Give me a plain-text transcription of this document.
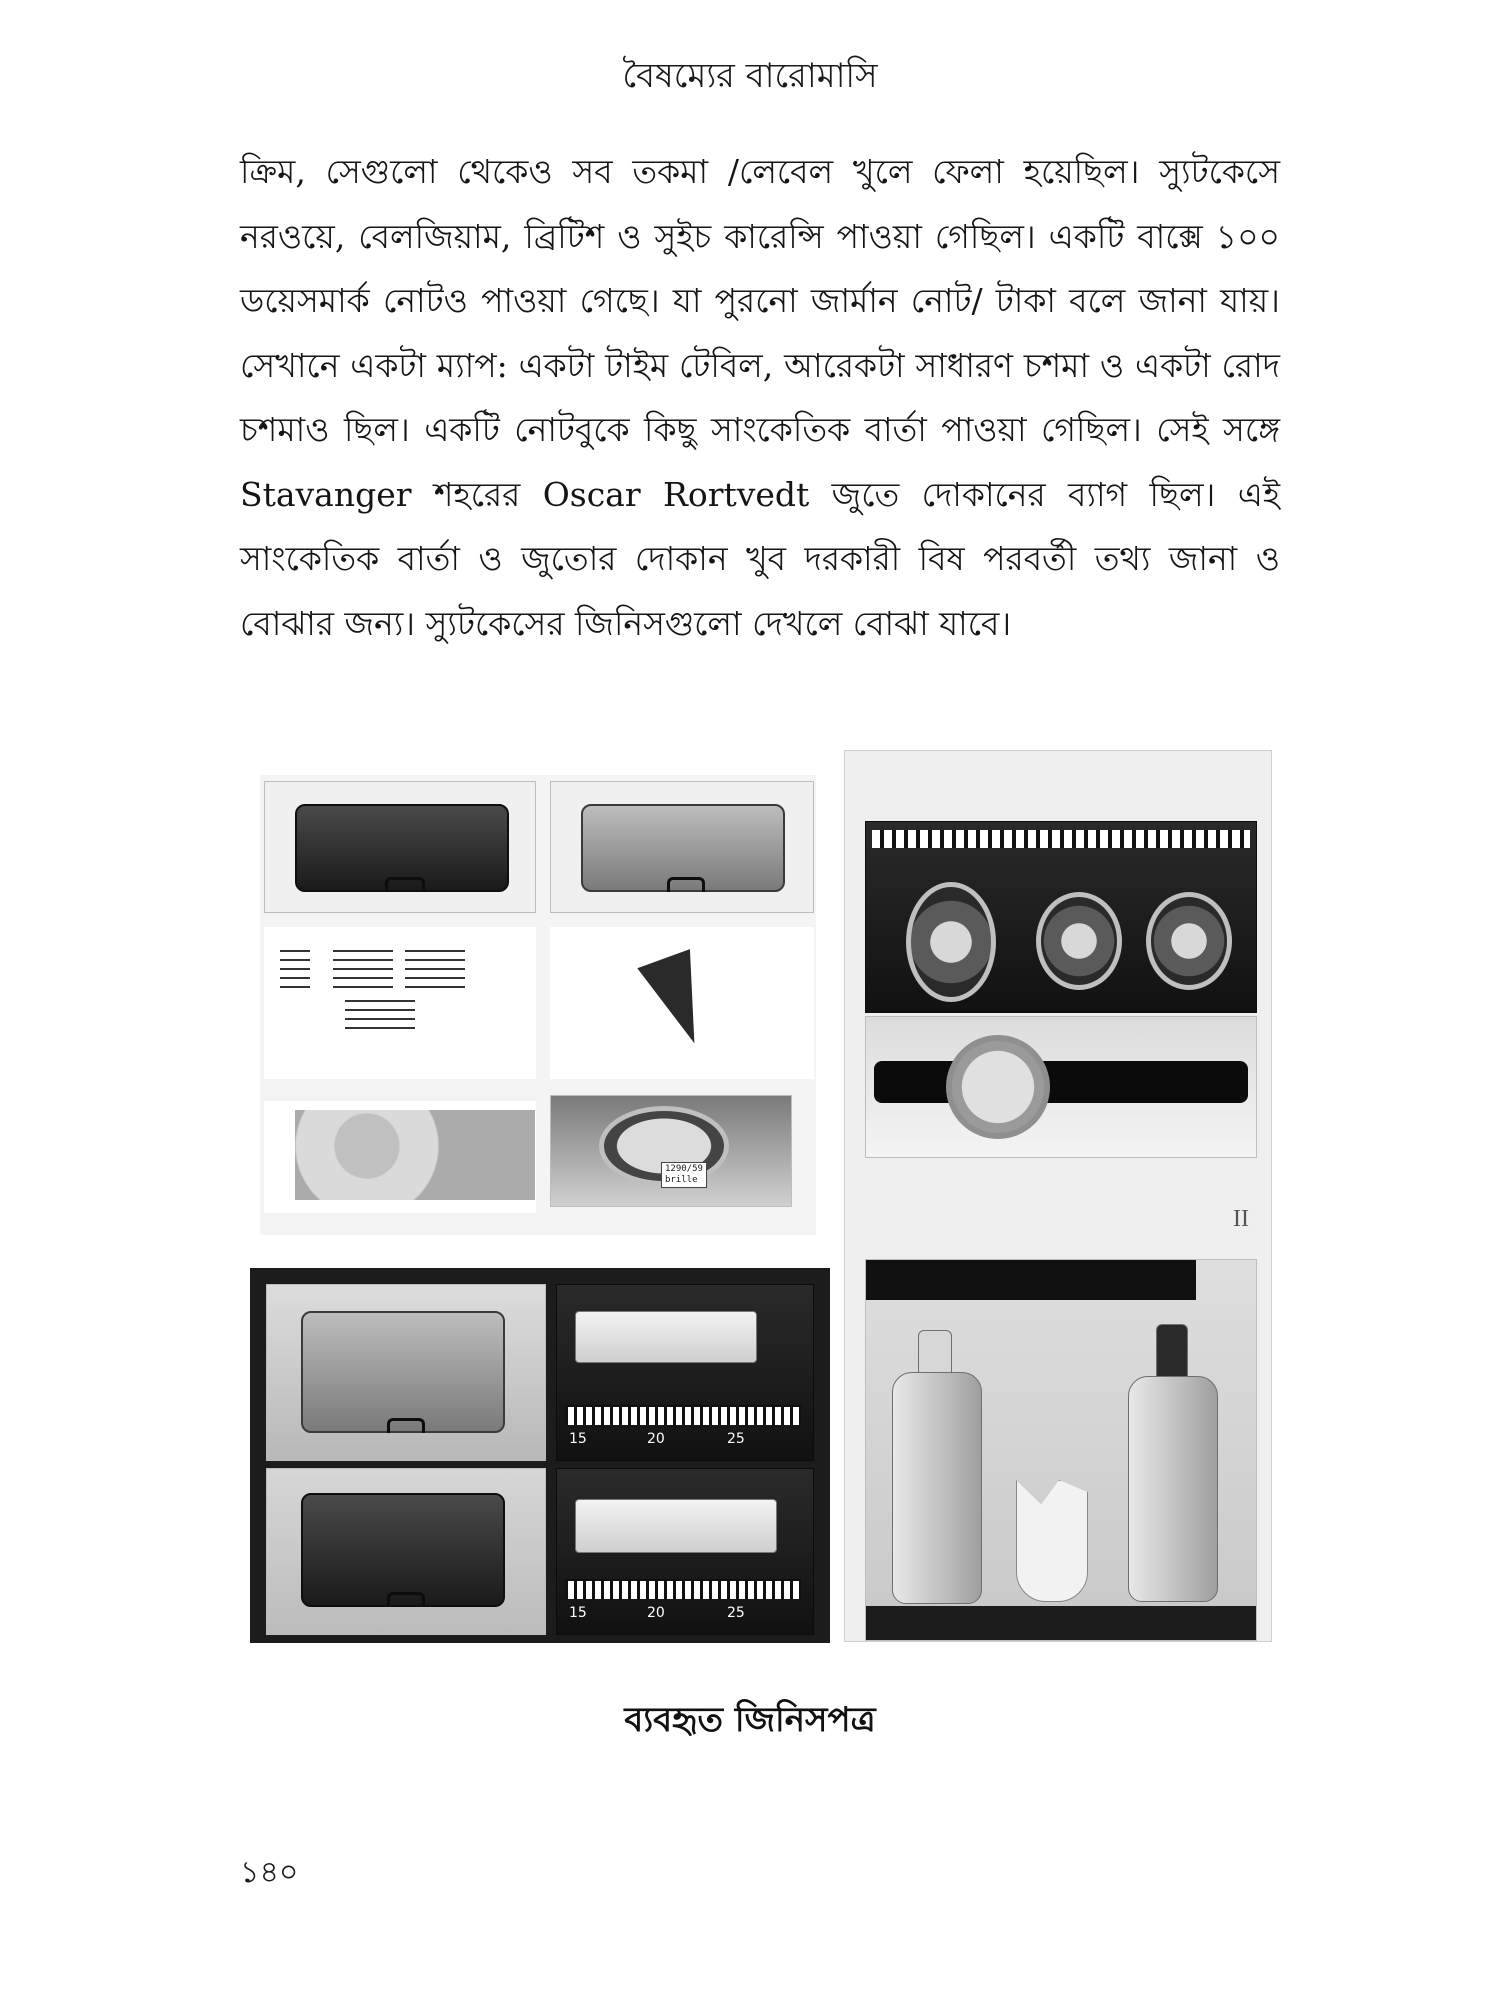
বৈষম্যের বারোমাসি

ক্রিম, সেগুলো থেকেও সব তকমা /লেবেল খুলে ফেলা হয়েছিল। স্যুটকেসে নরওয়ে, বেলজিয়াম, ব্রিটিশ ও সুইচ কারেন্সি পাওয়া গেছিল। একটি বাক্সে ১০০ ডয়েসমার্ক নোটও পাওয়া গেছে। যা পুরনো জার্মান নোট/ টাকা বলে জানা যায়। সেখানে একটা ম্যাপ: একটা টাইম টেবিল, আরেকটা সাধারণ চশমা ও একটা রোদ চশমাও ছিল। একটি নোটবুকে কিছু সাংকেতিক বার্তা পাওয়া গেছিল। সেই সঙ্গে Stavanger শহরের Oscar Rortvedt জুতে দোকানের ব্যাগ ছিল। এই সাংকেতিক বার্তা ও জুতোর দোকান খুব দরকারী বিষ পরবর্তী তথ্য জানা ও বোঝার জন্য। স্যুটকেসের জিনিসগুলো দেখলে বোঝা যাবে।

1290/59
brille
II
15	20	25
15	20	25
ব্যবহৃত জিনিসপত্র
১৪০
